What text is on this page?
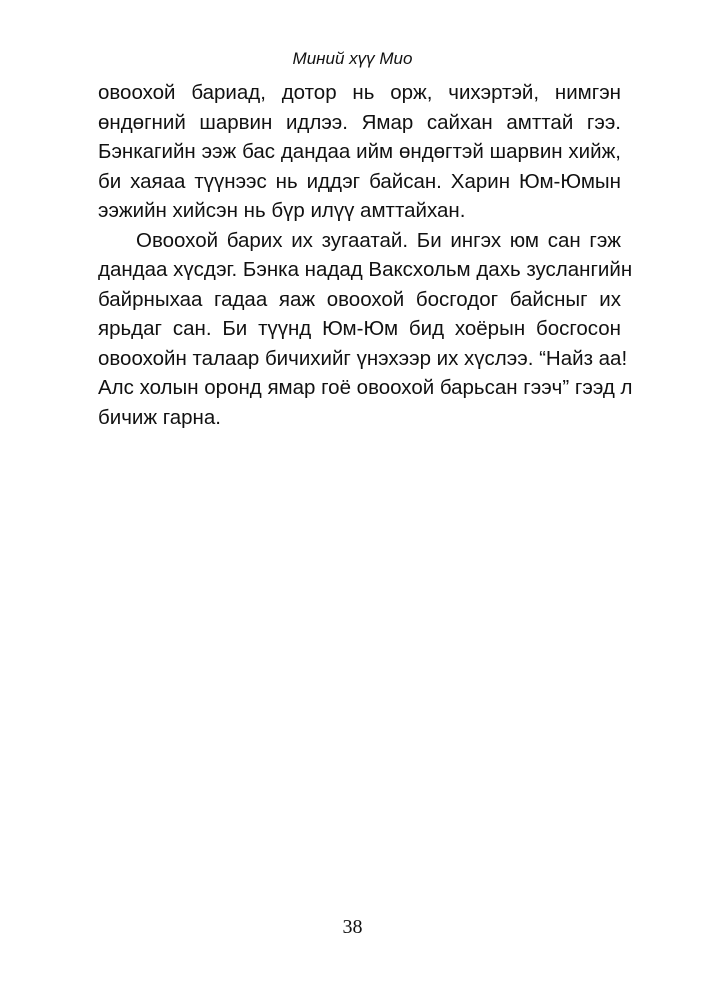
Миний хүү Мио
овоохой бариад, дотор нь орж, чихэртэй, нимгэн
өндөгний шарвин идлээ. Ямар сайхан амттай гээ.
Бэнкагийн ээж бас дандаа ийм өндөгтэй шарвин хийж,
би хаяаа түүнээс нь иддэг байсан. Харин Юм-Юмын
ээжийн хийсэн нь бүр илүү амттайхан.
Овоохой барих их зугаатай. Би ингэх юм сан гэж
дандаа хүсдэг. Бэнка надад Ваксхольм дахь зуслангийн
байрныхаа гадаа яаж овоохой босгодог байсныг их
ярьдаг сан. Би түүнд Юм-Юм бид хоёрын босгосон
овоохойн талаар бичихийг үнэхээр их хүслээ. “Найз аа!
Алс холын оронд ямар гоё овоохой барьсан гээч” гээд л
бичиж гарна.
38
